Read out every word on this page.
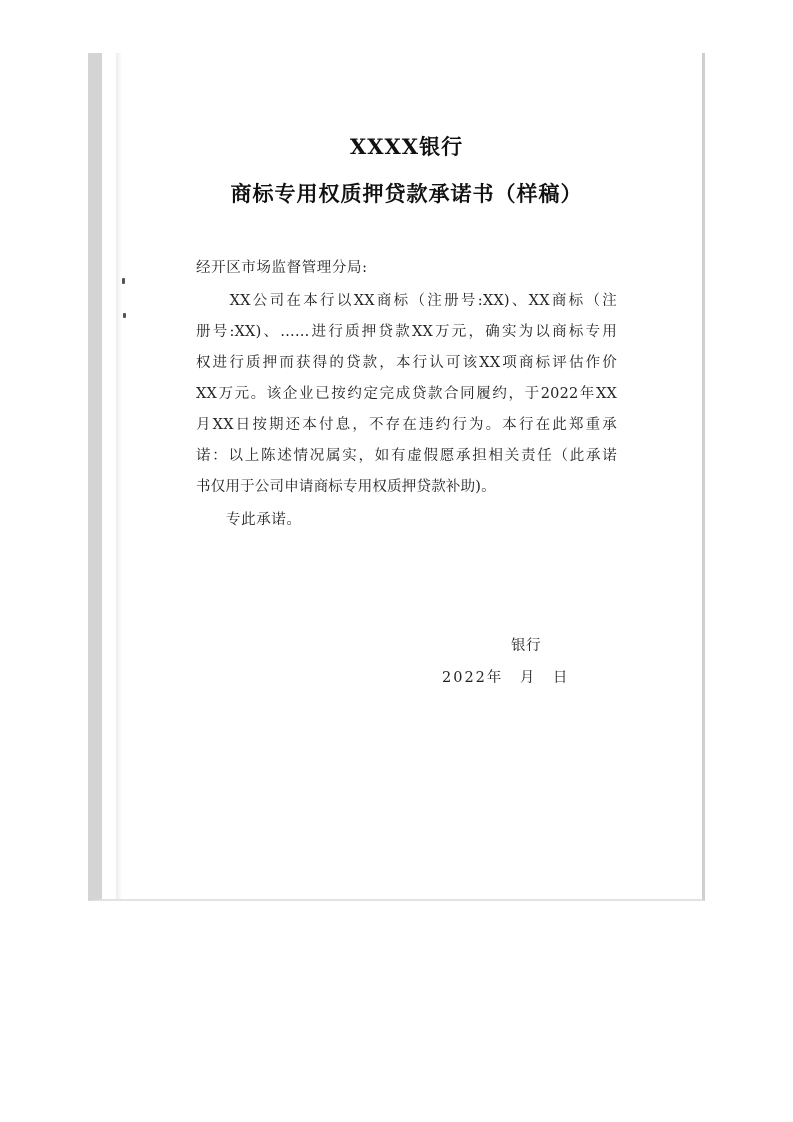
XXXX银行
商标专用权质押贷款承诺书（样稿）
经开区市场监督管理分局:
　　XX公司在本行以XX商标（注册号:XX)、XX商标（注
册号:XX)、……进行质押贷款XX万元，确实为以商标专用
权进行质押而获得的贷款，本行认可该XX项商标评估作价
XX万元。该企业已按约定完成贷款合同履约，于2022年XX
月XX日按期还本付息，不存在违约行为。本行在此郑重承
诺：以上陈述情况属实，如有虚假愿承担相关责任（此承诺
书仅用于公司申请商标专用权质押贷款补助)。
专此承诺。
银行
2022年　月　日
